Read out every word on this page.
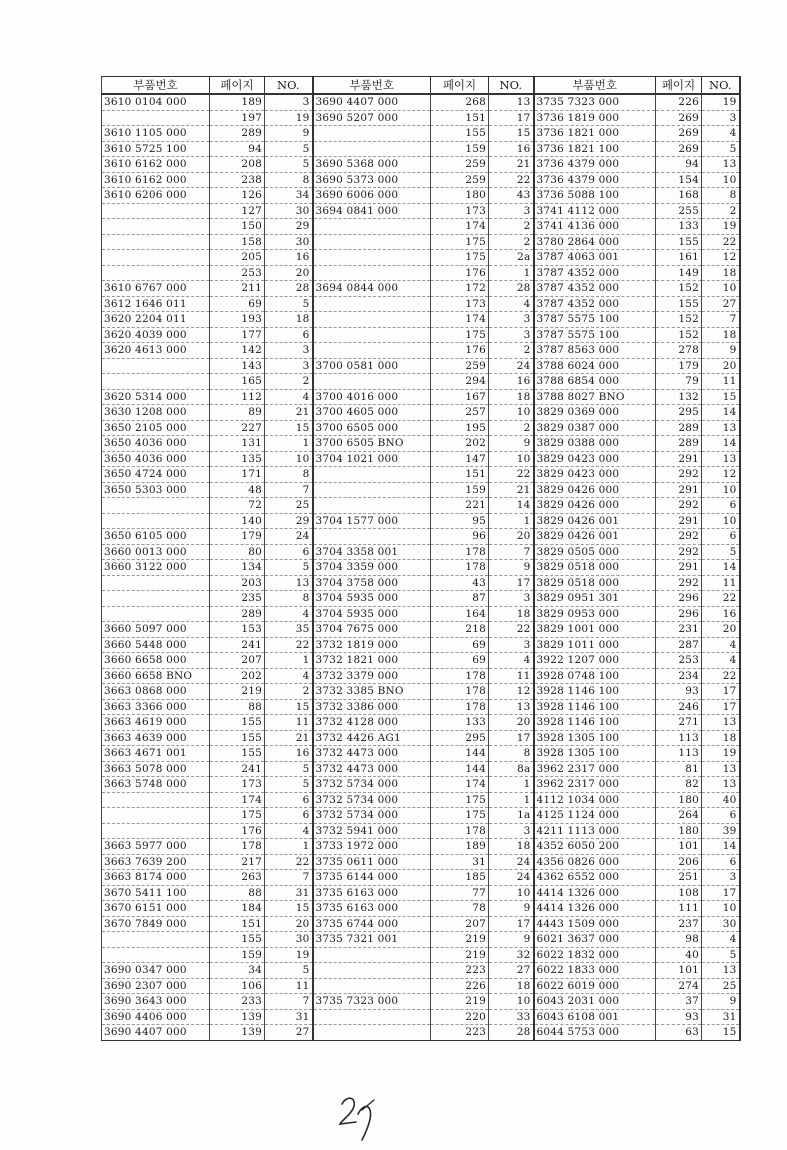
부품번호	페이지	NO.	부품번호	페이지	NO.	부품번호	페이지	NO.
3610 0104 000	189	3	3690 4407 000	268	13	3735 7323 000	226	19
	197	19	3690 5207 000	151	17	3736 1819 000	269	3
3610 1105 000	289	9		155	15	3736 1821 000	269	4
3610 5725 100	94	5		159	16	3736 1821 100	269	5
3610 6162 000	208	5	3690 5368 000	259	21	3736 4379 000	94	13
3610 6162 000	238	8	3690 5373 000	259	22	3736 4379 000	154	10
3610 6206 000	126	34	3690 6006 000	180	43	3736 5088 100	168	8
	127	30	3694 0841 000	173	3	3741 4112 000	255	2
	150	29		174	2	3741 4136 000	133	19
	158	30		175	2	3780 2864 000	155	22
	205	16		175	2a	3787 4063 001	161	12
	253	20		176	1	3787 4352 000	149	18
3610 6767 000	211	28	3694 0844 000	172	28	3787 4352 000	152	10
3612 1646 011	69	5		173	4	3787 4352 000	155	27
3620 2204 011	193	18		174	3	3787 5575 100	152	7
3620 4039 000	177	6		175	3	3787 5575 100	152	18
3620 4613 000	142	3		176	2	3787 8563 000	278	9
	143	3	3700 0581 000	259	24	3788 6024 000	179	20
	165	2		294	16	3788 6854 000	79	11
3620 5314 000	112	4	3700 4016 000	167	18	3788 8027 BNO	132	15
3630 1208 000	89	21	3700 4605 000	257	10	3829 0369 000	295	14
3650 2105 000	227	15	3700 6505 000	195	2	3829 0387 000	289	13
3650 4036 000	131	1	3700 6505 BNO	202	9	3829 0388 000	289	14
3650 4036 000	135	10	3704 1021 000	147	10	3829 0423 000	291	13
3650 4724 000	171	8		151	22	3829 0423 000	292	12
3650 5303 000	48	7		159	21	3829 0426 000	291	10
	72	25		221	14	3829 0426 000	292	6
	140	29	3704 1577 000	95	1	3829 0426 001	291	10
3650 6105 000	179	24		96	20	3829 0426 001	292	6
3660 0013 000	80	6	3704 3358 001	178	7	3829 0505 000	292	5
3660 3122 000	134	5	3704 3359 000	178	9	3829 0518 000	291	14
	203	13	3704 3758 000	43	17	3829 0518 000	292	11
	235	8	3704 5935 000	87	3	3829 0951 301	296	22
	289	4	3704 5935 000	164	18	3829 0953 000	296	16
3660 5097 000	153	35	3704 7675 000	218	22	3829 1001 000	231	20
3660 5448 000	241	22	3732 1819 000	69	3	3829 1011 000	287	4
3660 6658 000	207	1	3732 1821 000	69	4	3922 1207 000	253	4
3660 6658 BNO	202	4	3732 3379 000	178	11	3928 0748 100	234	22
3663 0868 000	219	2	3732 3385 BNO	178	12	3928 1146 100	93	17
3663 3366 000	88	15	3732 3386 000	178	13	3928 1146 100	246	17
3663 4619 000	155	11	3732 4128 000	133	20	3928 1146 100	271	13
3663 4639 000	155	21	3732 4426 AG1	295	17	3928 1305 100	113	18
3663 4671 001	155	16	3732 4473 000	144	8	3928 1305 100	113	19
3663 5078 000	241	5	3732 4473 000	144	8a	3962 2317 000	81	13
3663 5748 000	173	5	3732 5734 000	174	1	3962 2317 000	82	13
	174	6	3732 5734 000	175	1	4112 1034 000	180	40
	175	6	3732 5734 000	175	1a	4125 1124 000	264	6
	176	4	3732 5941 000	178	3	4211 1113 000	180	39
3663 5977 000	178	1	3733 1972 000	189	18	4352 6050 200	101	14
3663 7639 200	217	22	3735 0611 000	31	24	4356 0826 000	206	6
3663 8174 000	263	7	3735 6144 000	185	24	4362 6552 000	251	3
3670 5411 100	88	31	3735 6163 000	77	10	4414 1326 000	108	17
3670 6151 000	184	15	3735 6163 000	78	9	4414 1326 000	111	10
3670 7849 000	151	20	3735 6744 000	207	17	4443 1509 000	237	30
	155	30	3735 7321 001	219	9	6021 3637 000	98	4
	159	19		219	32	6022 1832 000	40	5
3690 0347 000	34	5		223	27	6022 1833 000	101	13
3690 2307 000	106	11		226	18	6022 6019 000	274	25
3690 3643 000	233	7	3735 7323 000	219	10	6043 2031 000	37	9
3690 4406 000	139	31		220	33	6043 6108 001	93	31
3690 4407 000	139	27		223	28	6044 5753 000	63	15
